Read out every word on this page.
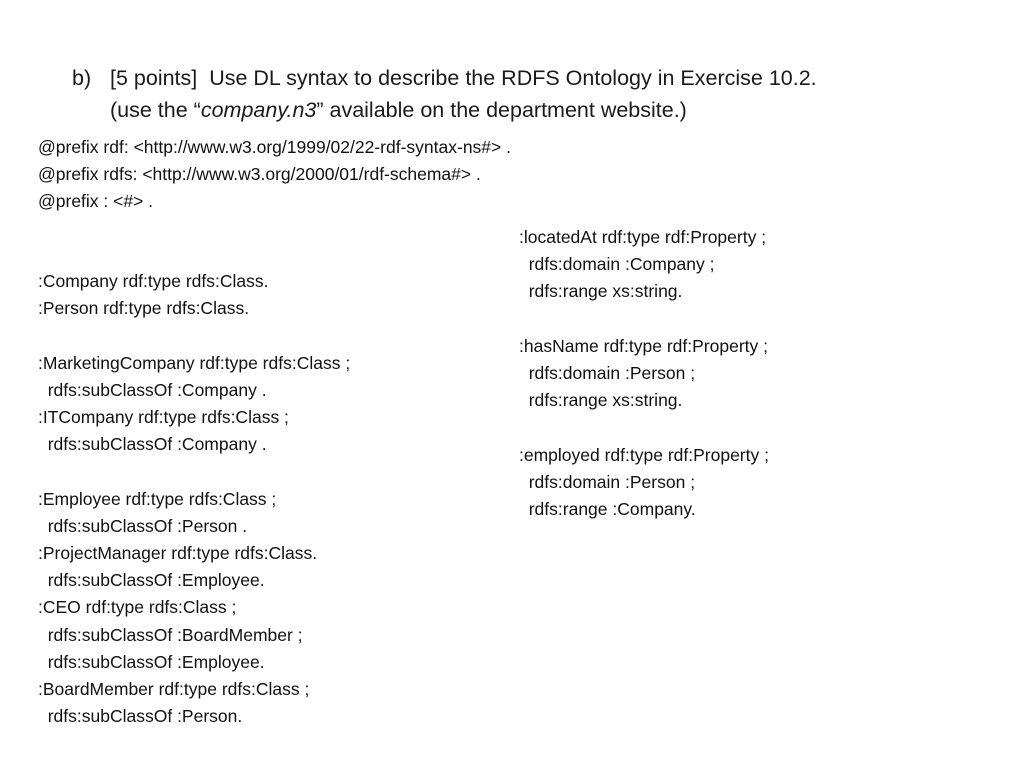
b) [5 points] Use DL syntax to describe the RDFS Ontology in Exercise 10.2.
(use the “company.n3” available on the department website.)
@prefix rdf: <http://www.w3.org/1999/02/22-rdf-syntax-ns#> .
@prefix rdfs: <http://www.w3.org/2000/01/rdf-schema#> .
@prefix : <#> .
:Company rdf:type rdfs:Class.
:Person rdf:type rdfs:Class.
:MarketingCompany rdf:type rdfs:Class ;
rdfs:subClassOf :Company .
:ITCompany rdf:type rdfs:Class ;
rdfs:subClassOf :Company .
:Employee rdf:type rdfs:Class ;
rdfs:subClassOf :Person .
:ProjectManager rdf:type rdfs:Class.
rdfs:subClassOf :Employee.
:CEO rdf:type rdfs:Class ;
rdfs:subClassOf :BoardMember ;
rdfs:subClassOf :Employee.
:BoardMember rdf:type rdfs:Class ;
rdfs:subClassOf :Person.
:locatedAt rdf:type rdf:Property ;
rdfs:domain :Company ;
rdfs:range xs:string.
:hasName rdf:type rdf:Property ;
rdfs:domain :Person ;
rdfs:range xs:string.
:employed rdf:type rdf:Property ;
rdfs:domain :Person ;
rdfs:range :Company.
